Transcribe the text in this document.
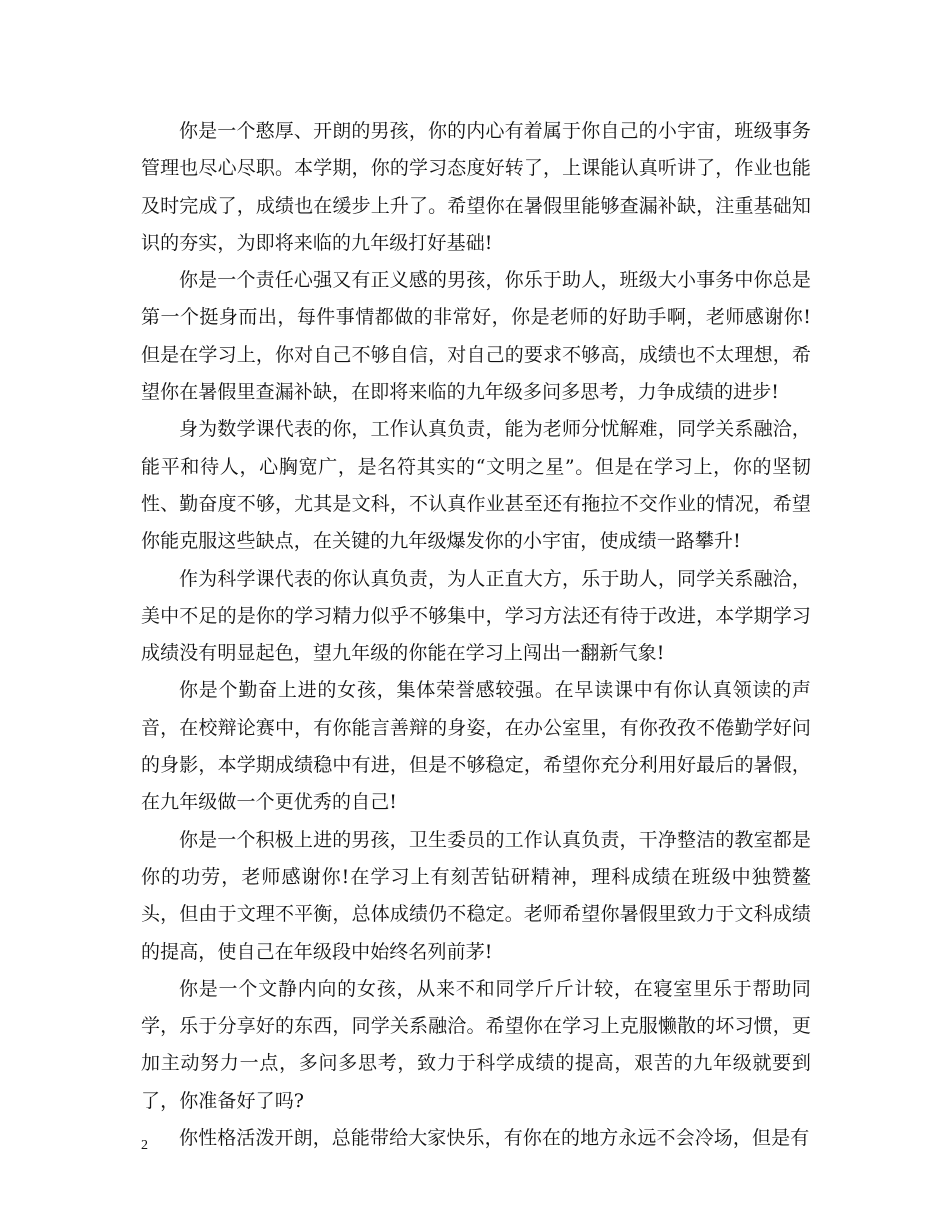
你是一个憨厚、开朗的男孩，你的内心有着属于你自己的小宇宙，班级事务管理也尽心尽职。本学期，你的学习态度好转了，上课能认真听讲了，作业也能及时完成了，成绩也在缓步上升了。希望你在暑假里能够查漏补缺，注重基础知识的夯实，为即将来临的九年级打好基础!

你是一个责任心强又有正义感的男孩，你乐于助人，班级大小事务中你总是第一个挺身而出，每件事情都做的非常好，你是老师的好助手啊，老师感谢你!但是在学习上，你对自己不够自信，对自己的要求不够高，成绩也不太理想，希望你在暑假里查漏补缺，在即将来临的九年级多问多思考，力争成绩的进步!

身为数学课代表的你，工作认真负责，能为老师分忧解难，同学关系融洽，能平和待人，心胸宽广，是名符其实的“文明之星”。但是在学习上，你的坚韧性、勤奋度不够，尤其是文科，不认真作业甚至还有拖拉不交作业的情况，希望你能克服这些缺点，在关键的九年级爆发你的小宇宙，使成绩一路攀升!

作为科学课代表的你认真负责，为人正直大方，乐于助人，同学关系融洽，美中不足的是你的学习精力似乎不够集中，学习方法还有待于改进，本学期学习成绩没有明显起色，望九年级的你能在学习上闯出一翻新气象!

你是个勤奋上进的女孩，集体荣誉感较强。在早读课中有你认真领读的声音，在校辩论赛中，有你能言善辩的身姿，在办公室里，有你孜孜不倦勤学好问的身影，本学期成绩稳中有进，但是不够稳定，希望你充分利用好最后的暑假，在九年级做一个更优秀的自己!

你是一个积极上进的男孩，卫生委员的工作认真负责，干净整洁的教室都是你的功劳，老师感谢你!在学习上有刻苦钻研精神，理科成绩在班级中独赞鳌头，但由于文理不平衡，总体成绩仍不稳定。老师希望你暑假里致力于文科成绩的提高，使自己在年级段中始终名列前茅!

你是一个文静内向的女孩，从来不和同学斤斤计较，在寝室里乐于帮助同学，乐于分享好的东西，同学关系融洽。希望你在学习上克服懒散的坏习惯，更加主动努力一点，多问多思考，致力于科学成绩的提高，艰苦的九年级就要到了，你准备好了吗?

你性格活泼开朗，总能带给大家快乐，有你在的地方永远不会冷场，但是有

2
